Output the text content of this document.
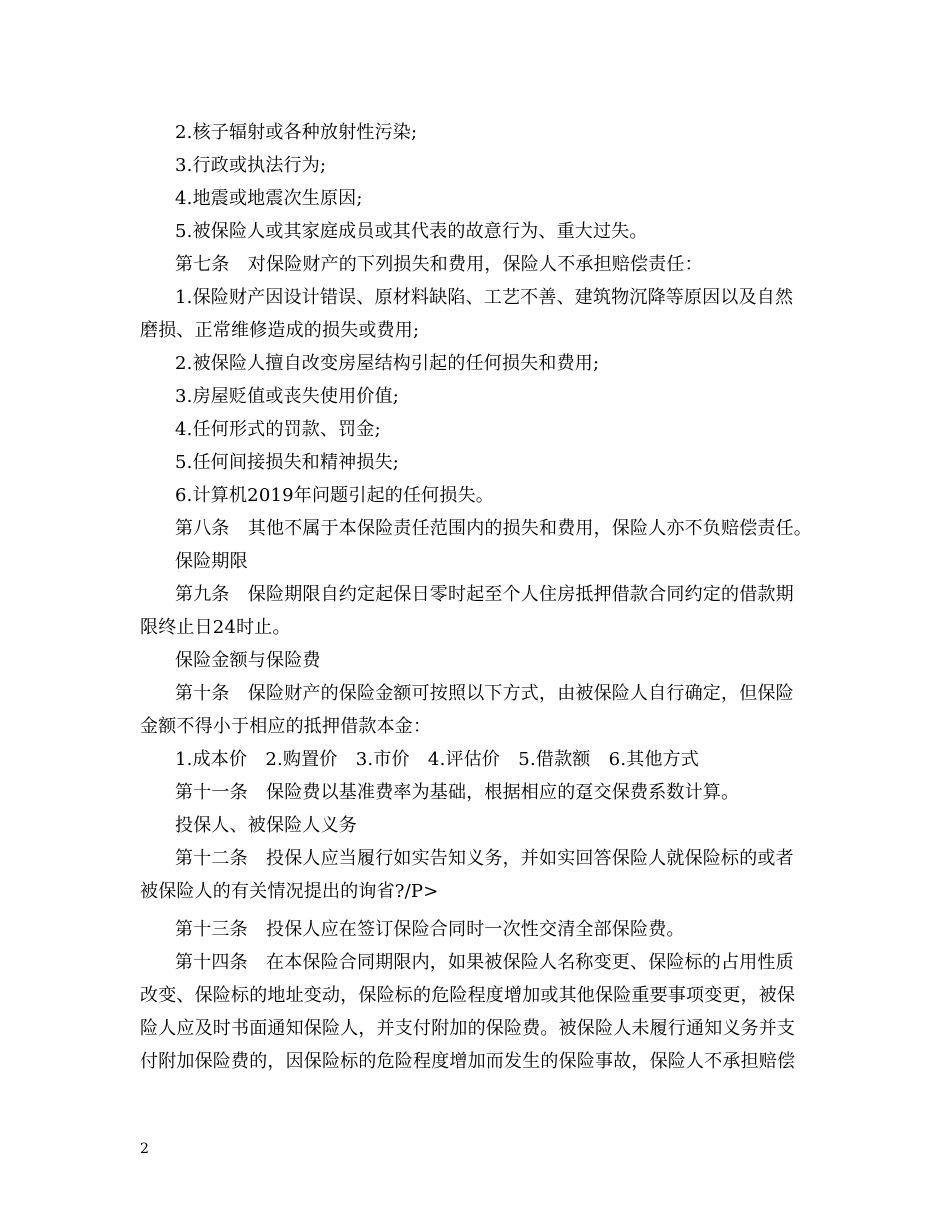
2.核子辐射或各种放射性污染;
3.行政或执法行为;
4.地震或地震次生原因;
5.被保险人或其家庭成员或其代表的故意行为、重大过失。
第七条　对保险财产的下列损失和费用，保险人不承担赔偿责任：
1.保险财产因设计错误、原材料缺陷、工艺不善、建筑物沉降等原因以及自然
磨损、正常维修造成的损失或费用;
2.被保险人擅自改变房屋结构引起的任何损失和费用;
3.房屋贬值或丧失使用价值;
4.任何形式的罚款、罚金;
5.任何间接损失和精神损失;
6.计算机2019年问题引起的任何损失。
第八条　其他不属于本保险责任范围内的损失和费用，保险人亦不负赔偿责任。
保险期限
第九条　保险期限自约定起保日零时起至个人住房抵押借款合同约定的借款期
限终止日24时止。
保险金额与保险费
第十条　保险财产的保险金额可按照以下方式，由被保险人自行确定，但保险
金额不得小于相应的抵押借款本金：
1.成本价　2.购置价　3.市价　4.评估价　5.借款额　6.其他方式
第十一条　保险费以基准费率为基础，根据相应的趸交保费系数计算。
投保人、被保险人义务
第十二条　投保人应当履行如实告知义务，并如实回答保险人就保险标的或者
被保险人的有关情况提出的询省?/P>
第十三条　投保人应在签订保险合同时一次性交清全部保险费。
第十四条　在本保险合同期限内，如果被保险人名称变更、保险标的占用性质
改变、保险标的地址变动，保险标的危险程度增加或其他保险重要事项变更，被保
险人应及时书面通知保险人，并支付附加的保险费。被保险人未履行通知义务并支
付附加保险费的，因保险标的危险程度增加而发生的保险事故，保险人不承担赔偿
2
